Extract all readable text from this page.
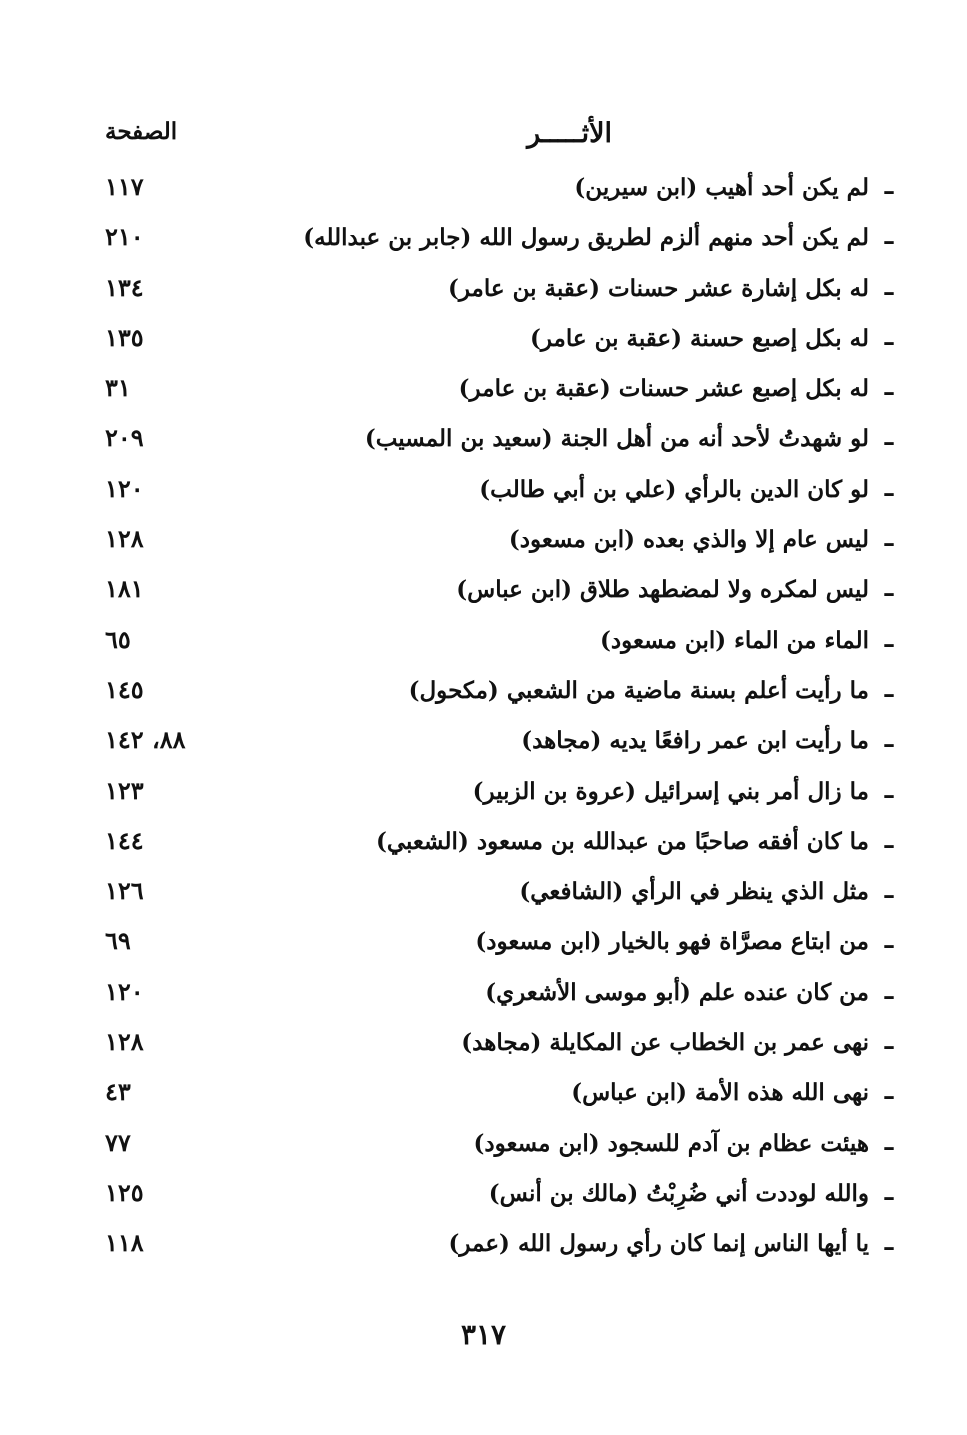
الأثـــــر
الصفحة
–
لم يكن أحد أهيب (ابن سيرين)
١١٧
–
لم يكن أحد منهم ألزم لطريق رسول الله (جابر بن عبدالله)
٢١٠
–
له بكل إشارة عشر حسنات (عقبة بن عامر)
١٣٤
–
له بكل إصبع حسنة (عقبة بن عامر)
١٣٥
–
له بكل إصبع عشر حسنات (عقبة بن عامر)
٣١
–
لو شهدتُ لأحد أنه من أهل الجنة (سعيد بن المسيب)
٢٠٩
–
لو كان الدين بالرأي (علي بن أبي طالب)
١٢٠
–
ليس عام إلا والذي بعده (ابن مسعود)
١٢٨
–
ليس لمكره ولا لمضطهد طلاق (ابن عباس)
١٨١
–
الماء من الماء (ابن مسعود)
٦٥
–
ما رأيت أعلم بسنة ماضية من الشعبي (مكحول)
١٤٥
–
ما رأيت ابن عمر رافعًا يديه (مجاهد)
٨٨، ١٤٢
–
ما زال أمر بني إسرائيل (عروة بن الزبير)
١٢٣
–
ما كان أفقه صاحبًا من عبدالله بن مسعود (الشعبي)
١٤٤
–
مثل الذي ينظر في الرأي (الشافعي)
١٢٦
–
من ابتاع مصرَّاة فهو بالخيار (ابن مسعود)
٦٩
–
من كان عنده علم (أبو موسى الأشعري)
١٢٠
–
نهى عمر بن الخطاب عن المكايلة (مجاهد)
١٢٨
–
نهى الله هذه الأمة (ابن عباس)
٤٣
–
هيئت عظام بن آدم للسجود (ابن مسعود)
٧٧
–
والله لوددت أني ضُرِبْتُ (مالك بن أنس)
١٢٥
–
يا أيها الناس إنما كان رأي رسول الله (عمر)
١١٨
٣١٧
